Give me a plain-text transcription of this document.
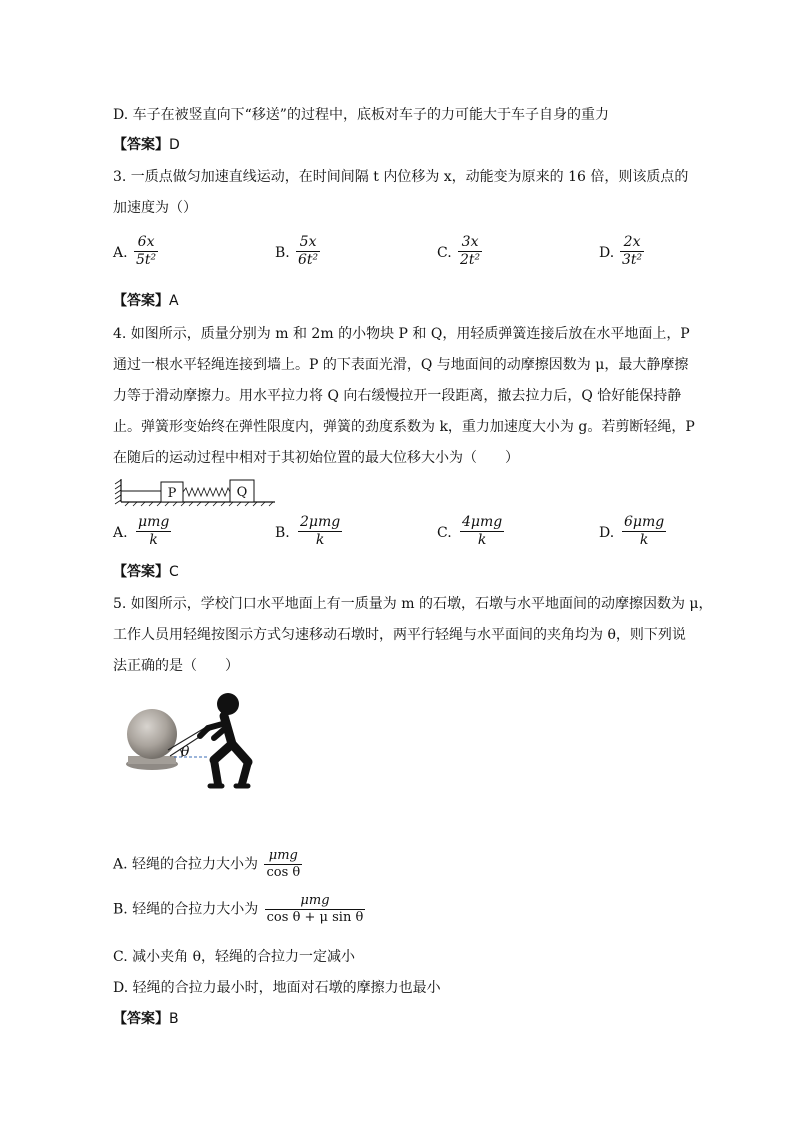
D. 车子在被竖直向下“移送”的过程中，底板对车子的力可能大于车子自身的重力
【答案】D
3. 一质点做匀加速直线运动，在时间间隔 t 内位移为 x，动能变为原来的 16 倍，则该质点的
加速度为（）
A. $\frac{6x}{\text{5t²}}$	B. $\frac{5x}{\text{6t²}}$	C. $\frac{3x}{\text{2t²}}$	D. $\frac{2x}{\text{3t²}}$
【答案】A
4. 如图所示，质量分别为 m 和 2m 的小物块 P 和 Q，用轻质弹簧连接后放在水平地面上，P
通过一根水平轻绳连接到墙上。P 的下表面光滑，Q 与地面间的动摩擦因数为 μ，最大静摩擦
力等于滑动摩擦力。用水平拉力将 Q 向右缓慢拉开一段距离，撤去拉力后，Q 恰好能保持静
止。弹簧形变始终在弹性限度内，弹簧的劲度系数为 k，重力加速度大小为 g。若剪断轻绳，P
在随后的运动过程中相对于其初始位置的最大位移大小为（　　）
P	Q
A.
μmg
k	B.
2μmg
k	C.
4μmg
k	D.
6μmg
k
【答案】C
5. 如图所示，学校门口水平地面上有一质量为 m 的石墩，石墩与水平地面间的动摩擦因数为 μ，
工作人员用轻绳按图示方式匀速移动石墩时，两平行轻绳与水平面间的夹角均为 θ，则下列说
法正确的是（　　）
θ
A. 轻绳的合拉力大小为 $\frac{\text{μmg}}{\text{cos θ}}$
B. 轻绳的合拉力大小为 $\frac{\text{μmg}}{\text{cos θ + μ sin θ}}$
C. 减小夹角 θ，轻绳的合拉力一定减小
D. 轻绳的合拉力最小时，地面对石墩的摩擦力也最小
【答案】B
